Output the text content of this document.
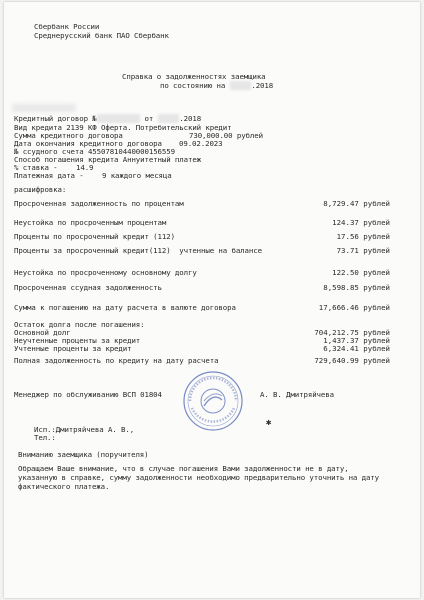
Сбербанк России
Среднерусский банк ПАО Сбербанк
Справка о задолженностях заемщика
по состоянию на	.2018
Кредитный договор №	от	.2018
Вид кредита 2139 КФ Оферта. Потребительский кредит
Сумма кредитного договора	730,000.00 рублей
Дата окончания кредитного договора 09.02.2023
№ ссудного счета 45507810440000156559
Способ погашения кредита Аннуитетный платеж
% ставка -	14.9
Платежная дата - 9 каждого месяца
расшифровка:
Просроченная задолженность по процентам	8,729.47 рублей
Неустойка по просроченным процентам	124.37 рублей
Проценты по просроченный кредит (112)	17.56 рублей
Проценты за просроченный кредит(112)  учтенные на балансе	73.71 рублей
Неустойка по просроченному основному долгу	122.50 рублей
Просроченная ссудная задолженность	8,598.85 рублей
Сумма к погашению на дату расчета в валюте договора	17,666.46 рублей
Остаток долга после погашения:
Основной долг	704,212.75 рублей
Неучтенные проценты за кредит	1,437.37 рублей
Учтенные проценты за кредит	6,324.41 рублей
Полная задолженность по кредиту на дату расчета	729,640.99 рублей
Менеджер по обслуживанию ВСП 01804	А. В. Дмитряйчева
✱
Исп.:Дмитряйчева А. В.,
Тел.:
Вниманию заемщика (поручителя)
Обращаем Ваше внимание, что в случае погашения Вами задолженности не в дату,
указанную в справке, сумму задолженности необходимо предварительно уточнить на дату
фактического платежа.
